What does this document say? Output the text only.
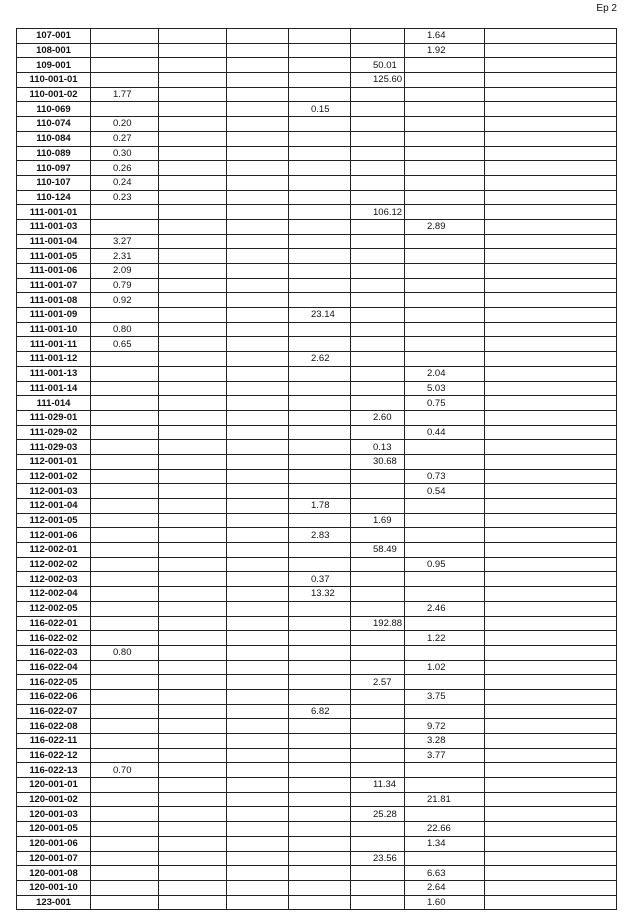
Ep 2
107-001						1.64	
108-001						1.92	
109-001					50.01		
110-001-01					125.60		
110-001-02	1.77						
110-069				0.15			
110-074	0.20						
110-084	0.27						
110-089	0.30						
110-097	0.26						
110-107	0.24						
110-124	0.23						
111-001-01					106.12		
111-001-03						2.89	
111-001-04	3.27						
111-001-05	2.31						
111-001-06	2.09						
111-001-07	0.79						
111-001-08	0.92						
111-001-09				23.14			
111-001-10	0.80						
111-001-11	0.65						
111-001-12				2.62			
111-001-13						2.04	
111-001-14						5.03	
111-014						0.75	
111-029-01					2.60		
111-029-02						0.44	
111-029-03					0.13		
112-001-01					30.68		
112-001-02						0.73	
112-001-03						0.54	
112-001-04				1.78			
112-001-05					1.69		
112-001-06				2.83			
112-002-01					58.49		
112-002-02						0.95	
112-002-03				0.37			
112-002-04				13.32			
112-002-05						2.46	
116-022-01					192.88		
116-022-02						1.22	
116-022-03	0.80						
116-022-04						1.02	
116-022-05					2.57		
116-022-06						3.75	
116-022-07				6.82			
116-022-08						9.72	
116-022-11						3.28	
116-022-12						3.77	
116-022-13	0.70						
120-001-01					11.34		
120-001-02						21.81	
120-001-03					25.28		
120-001-05						22.66	
120-001-06						1.34	
120-001-07					23.56		
120-001-08						6.63	
120-001-10						2.64	
123-001						1.60	
